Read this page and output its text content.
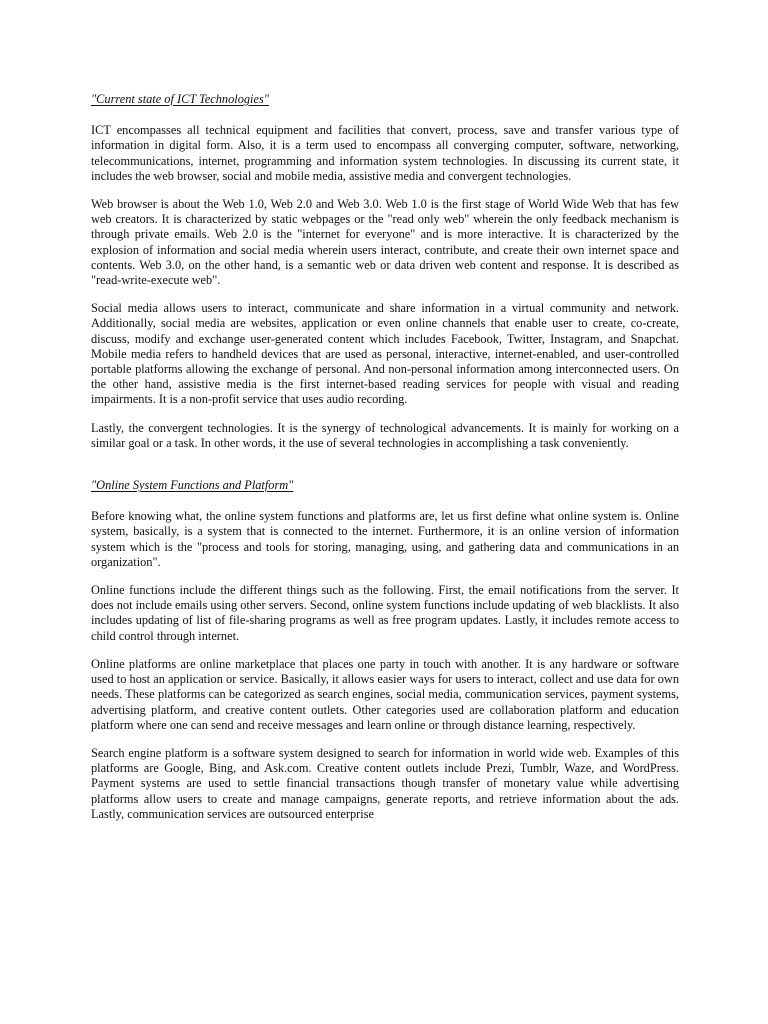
"Current state of ICT Technologies"

ICT encompasses all technical equipment and facilities that convert, process, save and transfer various type of information in digital form. Also, it is a term used to encompass all converging computer, software, networking, telecommunications, internet, programming and information system technologies. In discussing its current state, it includes the web browser, social and mobile media, assistive media and convergent technologies.

Web browser is about the Web 1.0, Web 2.0 and Web 3.0. Web 1.0 is the first stage of World Wide Web that has few web creators. It is characterized by static webpages or the "read only web" wherein the only feedback mechanism is through private emails. Web 2.0 is the "internet for everyone" and is more interactive. It is characterized by the explosion of information and social media wherein users interact, contribute, and create their own internet space and contents. Web 3.0, on the other hand, is a semantic web or data driven web content and response. It is described as "read-write-execute web".

Social media allows users to interact, communicate and share information in a virtual community and network. Additionally, social media are websites, application or even online channels that enable user to create, co-create, discuss, modify and exchange user-generated content which includes Facebook, Twitter, Instagram, and Snapchat. Mobile media refers to handheld devices that are used as personal, interactive, internet-enabled, and user-controlled portable platforms allowing the exchange of personal. And non-personal information among interconnected users. On the other hand, assistive media is the first internet-based reading services for people with visual and reading impairments. It is a non-profit service that uses audio recording.

Lastly, the convergent technologies. It is the synergy of technological advancements. It is mainly for working on a similar goal or a task. In other words, it the use of several technologies in accomplishing a task conveniently.

"Online System Functions and Platform"

Before knowing what, the online system functions and platforms are, let us first define what online system is. Online system, basically, is a system that is connected to the internet. Furthermore, it is an online version of information system which is the "process and tools for storing, managing, using, and gathering data and communications in an organization".

Online functions include the different things such as the following. First, the email notifications from the server. It does not include emails using other servers. Second, online system functions include updating of web blacklists. It also includes updating of list of file-sharing programs as well as free program updates. Lastly, it includes remote access to child control through internet.

Online platforms are online marketplace that places one party in touch with another. It is any hardware or software used to host an application or service. Basically, it allows easier ways for users to interact, collect and use data for own needs. These platforms can be categorized as search engines, social media, communication services, payment systems, advertising platform, and creative content outlets. Other categories used are collaboration platform and education platform where one can send and receive messages and learn online or through distance learning, respectively.

Search engine platform is a software system designed to search for information in world wide web. Examples of this platforms are Google, Bing, and Ask.com. Creative content outlets include Prezi, Tumblr, Waze, and WordPress. Payment systems are used to settle financial transactions though transfer of monetary value while advertising platforms allow users to create and manage campaigns, generate reports, and retrieve information about the ads. Lastly, communication services are outsourced enterprise
